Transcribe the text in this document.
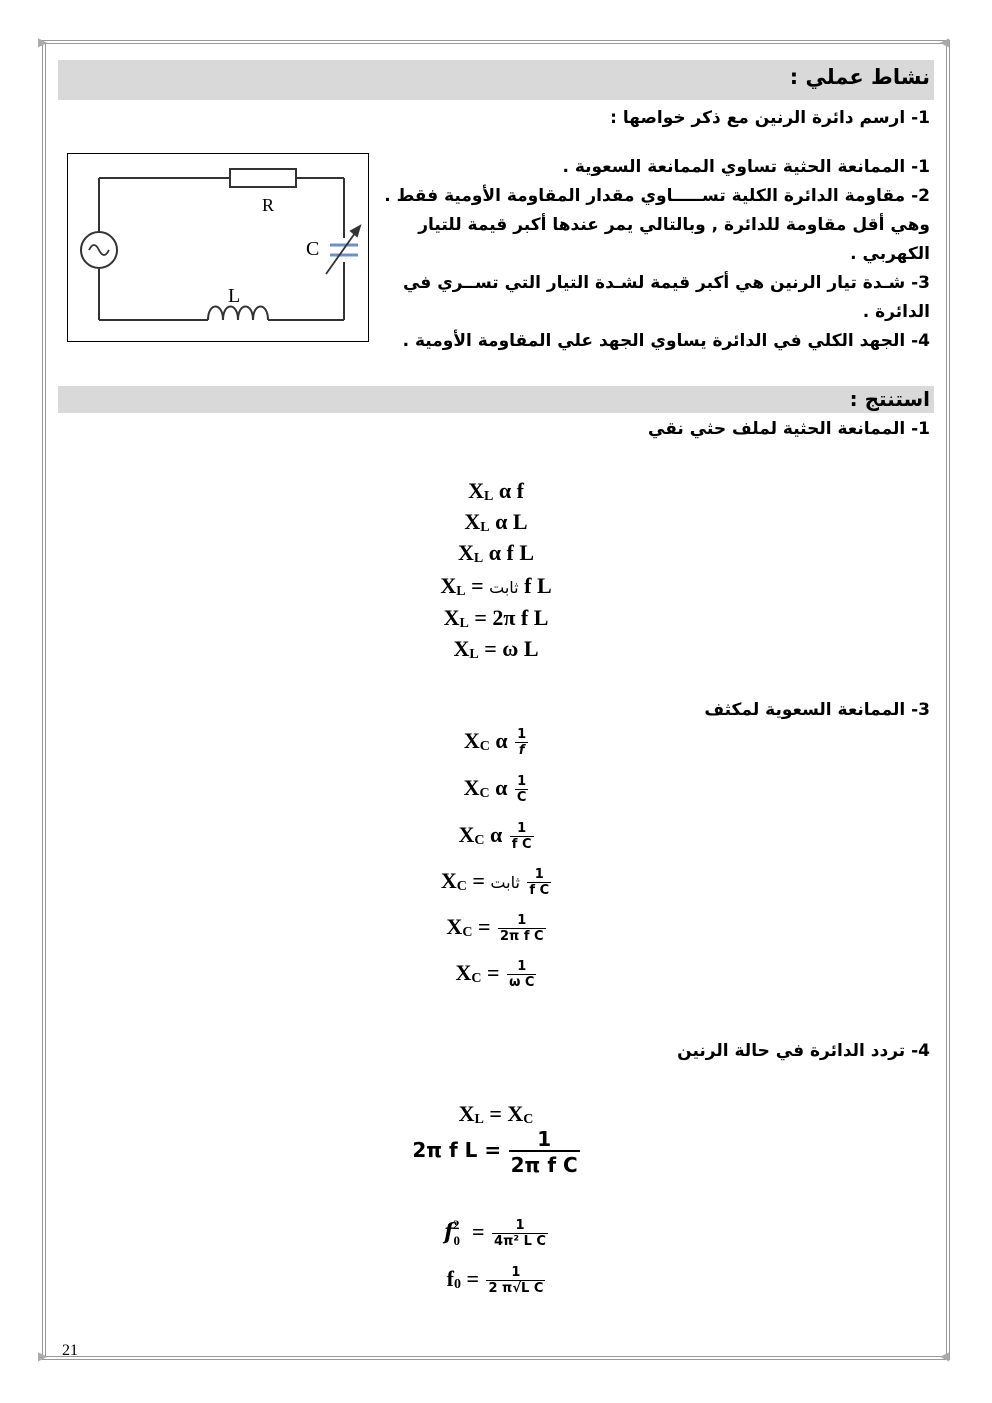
▶	◀
▶	◀
نشاط عملي :
1- ارسم دائرة الرنين مع ذكر خواصها :
1- الممانعة الحثية تساوي الممانعة السعوية .
2- مقاومة الدائرة الكلية تســـــاوي مقدار المقاومة الأومية فقط .
وهي أقل مقاومة للدائرة , وبالتالي يمر عندها أكبر قيمة للتيار
الكهربي .
3- شـدة تيار الرنين هي أكبر قيمة لشـدة التيار التي تســري في
الدائرة .
4- الجهد الكلي في الدائرة يساوي الجهد علي المقاومة الأومية .
R
C
L
استنتج :
1- الممانعة الحثية لملف حثي نقي
XL α f
XL α L
XL α f L
XL = ثابت f L
XL = 2π f L
XL = ω L
3- الممانعة السعوية لمكثف
XC α $\frac{1}{f}$
XC α $\frac{1}{C}$
XC α $\frac{1}{\text{f C}}$
XC = ثابت $\frac{1}{\text{f C}}$
XC = $\frac{1}{\text{2π f C}}$
XC = $\frac{1}{\text{ω C}}$
4- تردد الدائرة في حالة الرنين
XL = XC
2π f $L = \frac{1}{\text{2π f C}}$
$f_0^2 = \frac{1}{\text{4π² L C}}$
$f0 = \frac{1}{\text{2 π√L C}}$
21
